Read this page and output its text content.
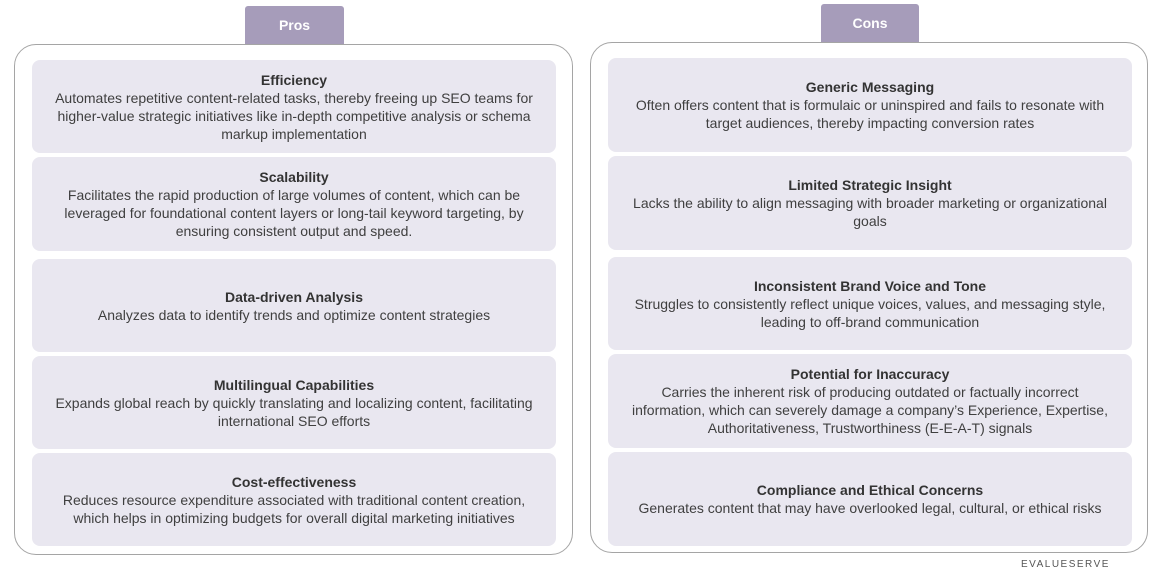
Pros	Cons
Efficiency
Automates repetitive content-related tasks, thereby freeing up SEO teams for
higher-value strategic initiatives like in-depth competitive analysis or schema
markup implementation
Scalability
Facilitates the rapid production of large volumes of content, which can be
leveraged for foundational content layers or long-tail keyword targeting, by
ensuring consistent output and speed.
Data-driven Analysis
Analyzes data to identify trends and optimize content strategies
Multilingual Capabilities
Expands global reach by quickly translating and localizing content, facilitating
international SEO efforts
Cost-effectiveness
Reduces resource expenditure associated with traditional content creation,
which helps in optimizing budgets for overall digital marketing initiatives
Generic Messaging
Often offers content that is formulaic or uninspired and fails to resonate with
target audiences, thereby impacting conversion rates
Limited Strategic Insight
Lacks the ability to align messaging with broader marketing or organizational
goals
Inconsistent Brand Voice and Tone
Struggles to consistently reflect unique voices, values, and messaging style,
leading to off-brand communication
Potential for Inaccuracy
Carries the inherent risk of producing outdated or factually incorrect
information, which can severely damage a company’s Experience, Expertise,
Authoritativeness, Trustworthiness (E-E-A-T) signals
Compliance and Ethical Concerns
Generates content that may have overlooked legal, cultural, or ethical risks
EVALUESERVE
